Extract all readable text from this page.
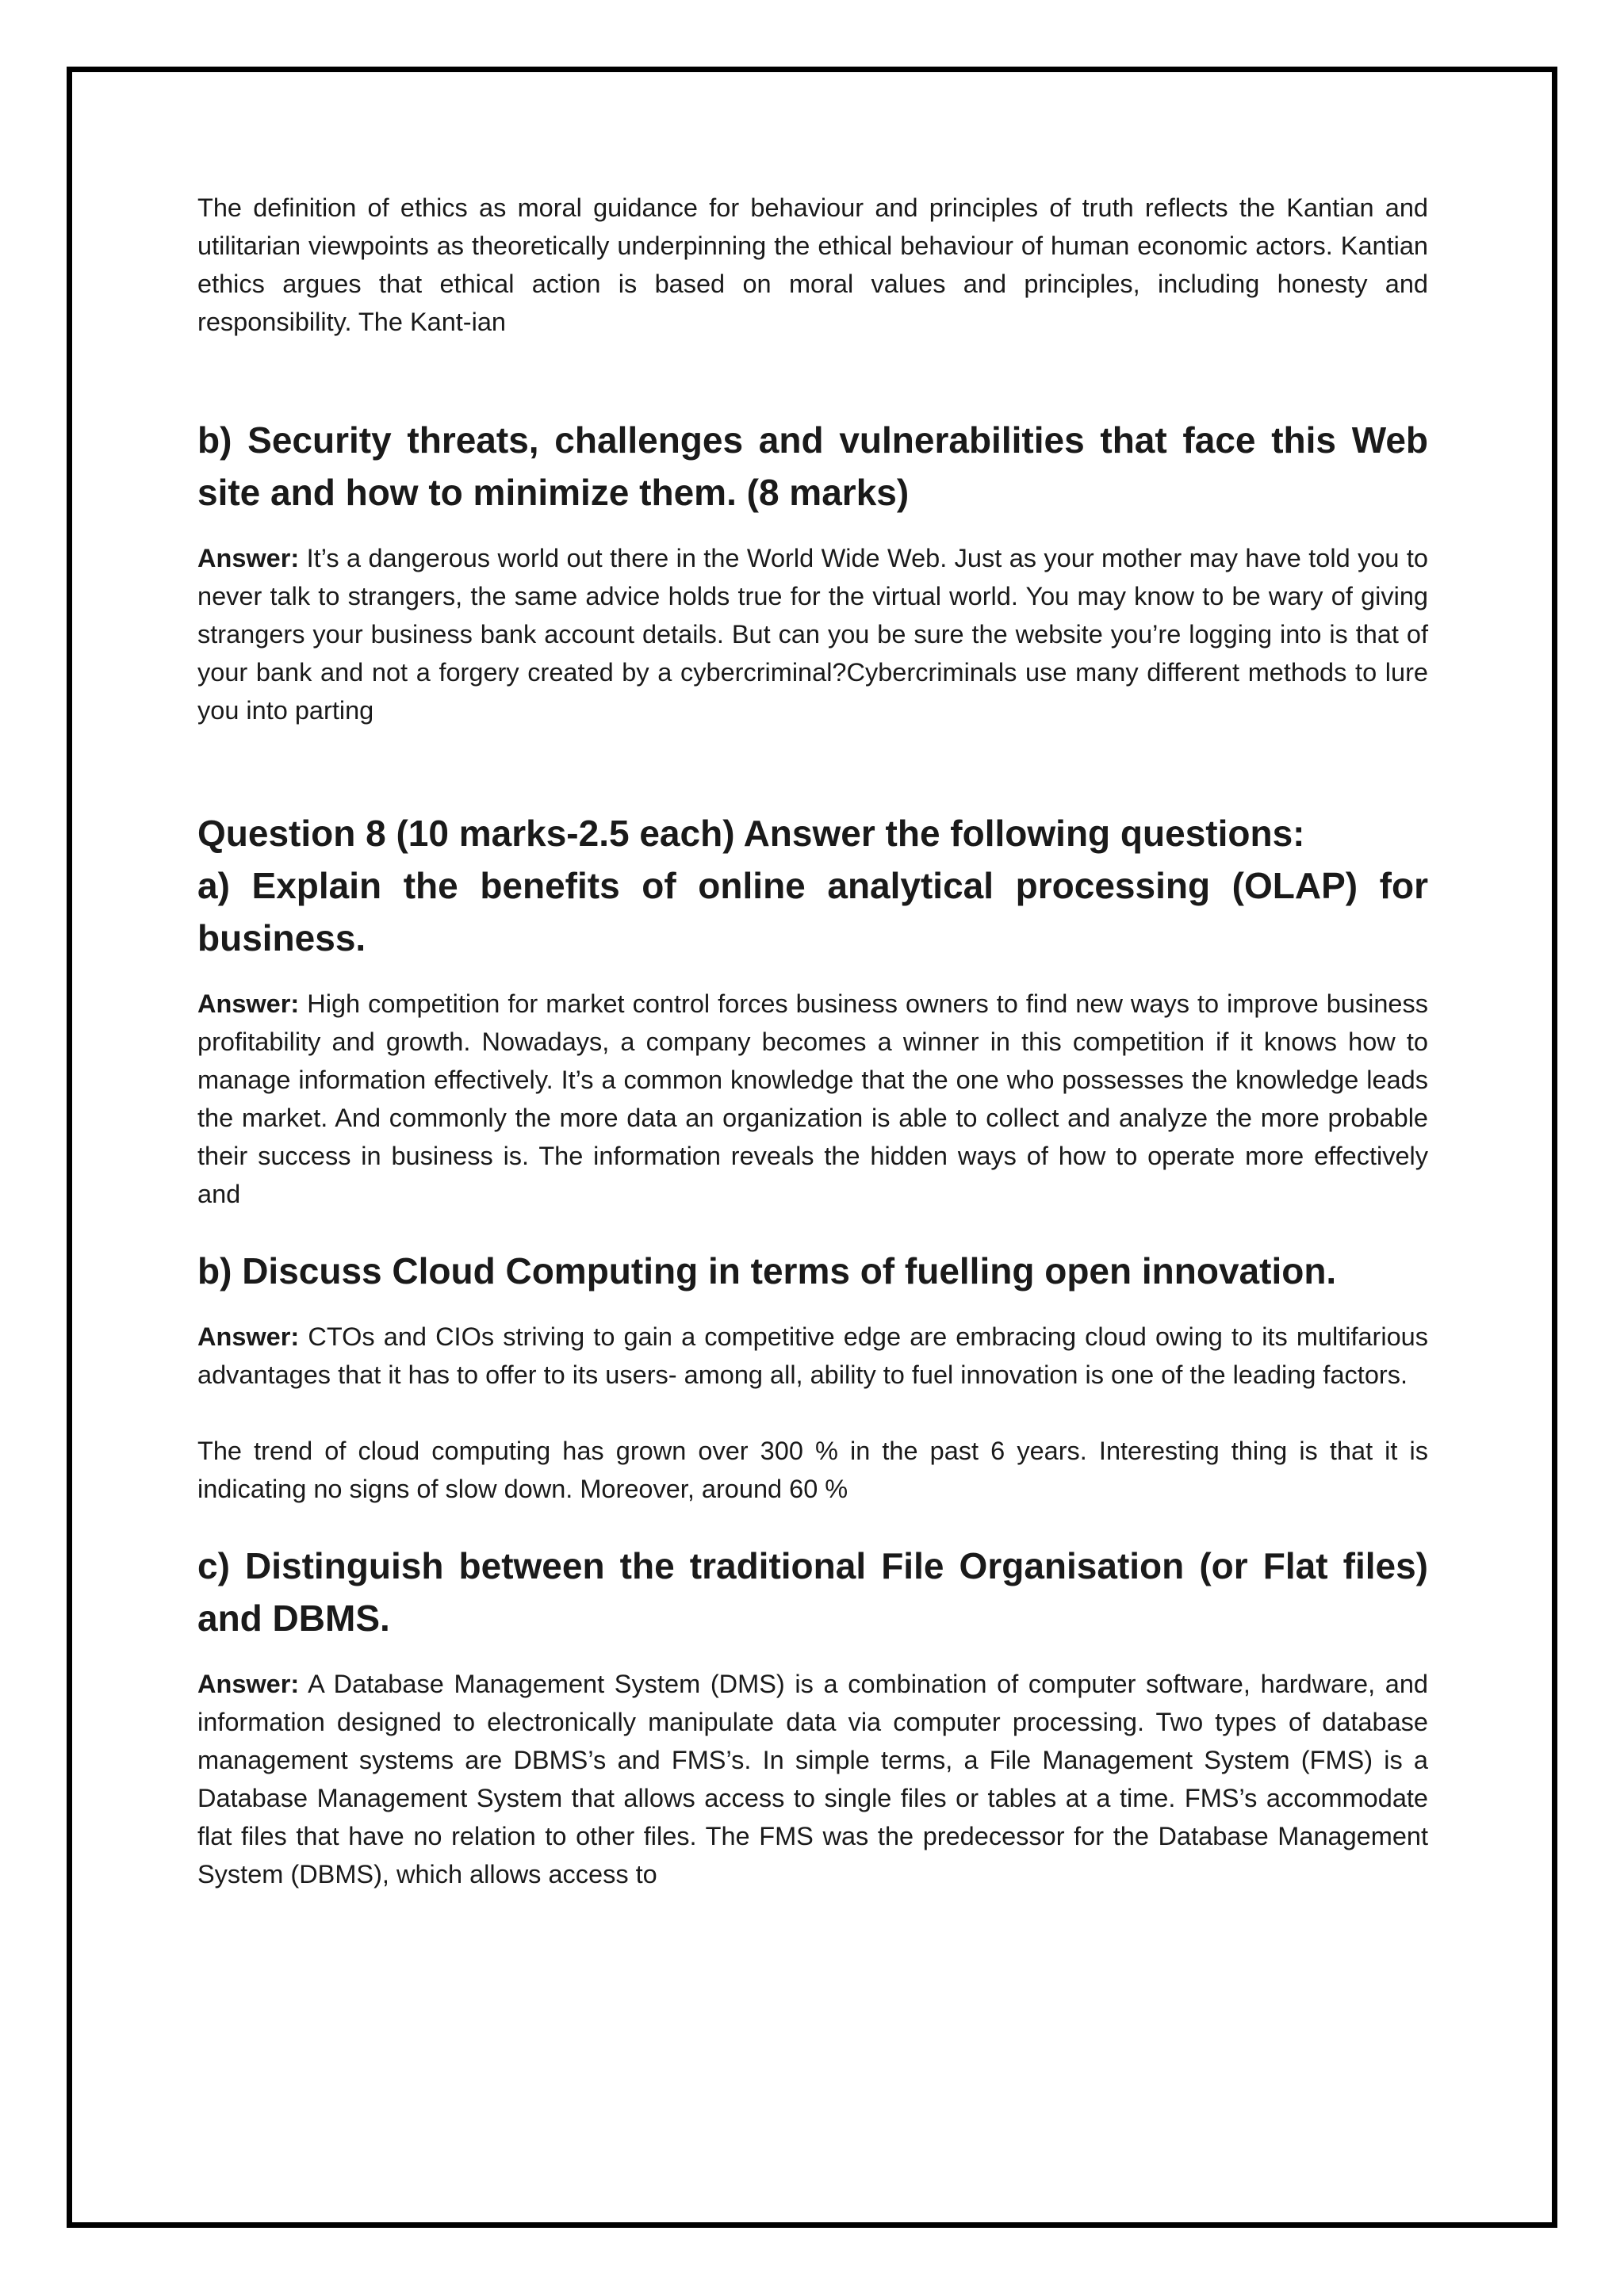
The definition of ethics as moral guidance for behaviour and principles of truth reflects the Kantian and utilitarian viewpoints as theoretically underpinning the ethical behaviour of human economic actors. Kantian ethics argues that ethical action is based on moral values and principles, including honesty and responsibility. The Kant-ian

b) Security threats, challenges and vulnerabilities that face this Web site and how to minimize them. (8 marks)

Answer: It’s a dangerous world out there in the World Wide Web. Just as your mother may have told you to never talk to strangers, the same advice holds true for the virtual world. You may know to be wary of giving strangers your business bank account details. But can you be sure the website you’re logging into is that of your bank and not a forgery created by a cybercriminal?Cybercriminals use many different methods to lure you into parting

Question 8 (10 marks-2.5 each) Answer the following questions:
a) Explain the benefits of online analytical processing (OLAP) for business.

Answer: High competition for market control forces business owners to find new ways to improve business profitability and growth. Nowadays, a company becomes a winner in this competition if it knows how to manage information effectively. It’s a common knowledge that the one who possesses the knowledge leads the market. And commonly the more data an organization is able to collect and analyze the more probable their success in business is. The information reveals the hidden ways of how to operate more effectively and

b) Discuss Cloud Computing in terms of fuelling open innovation.

Answer: CTOs and CIOs striving to gain a competitive edge are embracing cloud owing to its multifarious advantages that it has to offer to its users- among all, ability to fuel innovation is one of the leading factors.

The trend of cloud computing has grown over 300 % in the past 6 years. Interesting thing is that it is indicating no signs of slow down. Moreover, around 60 %

c) Distinguish between the traditional File Organisation (or Flat files) and DBMS.

Answer: A Database Management System (DMS) is a combination of computer software, hardware, and information designed to electronically manipulate data via computer processing. Two types of database management systems are DBMS’s and FMS’s. In simple terms, a File Management System (FMS) is a Database Management System that allows access to single files or tables at a time. FMS’s accommodate flat files that have no relation to other files. The FMS was the predecessor for the Database Management System (DBMS), which allows access to
